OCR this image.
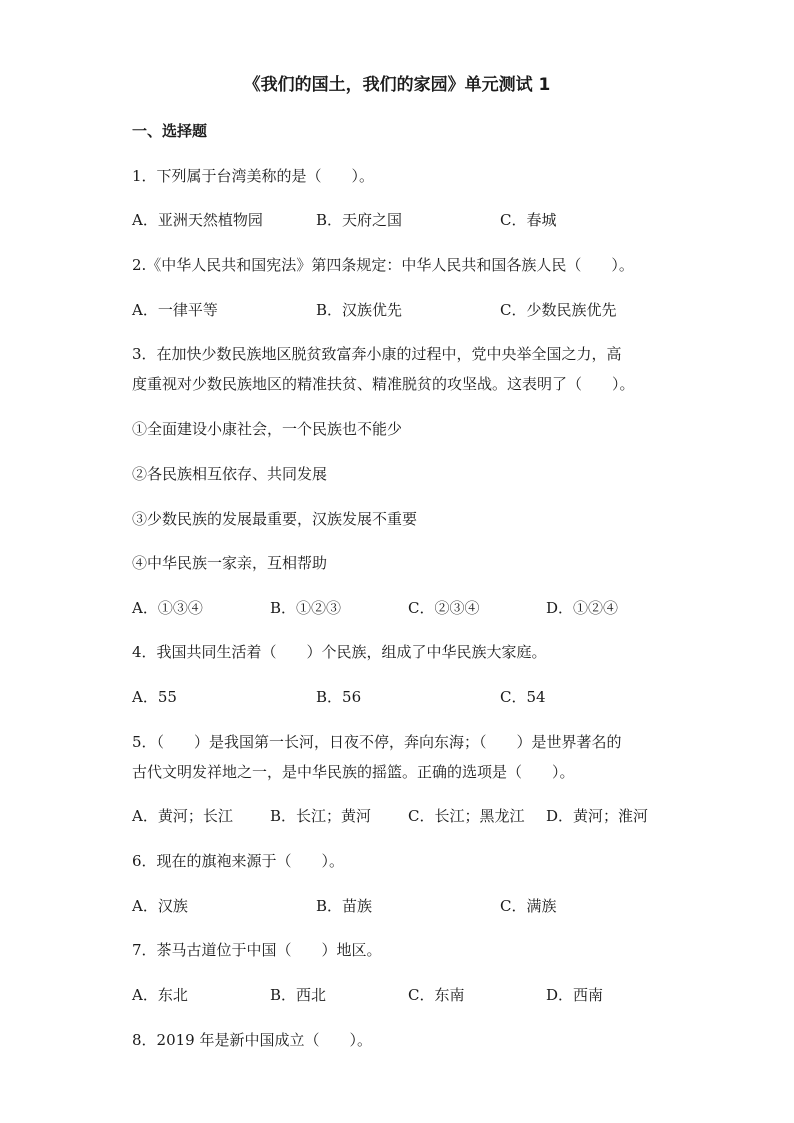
《我们的国土，我们的家园》单元测试 1
一、选择题
1．下列属于台湾美称的是（　　）。
A．亚洲天然植物园	B．天府之国	C．春城
2.《中华人民共和国宪法》第四条规定：中华人民共和国各族人民（　　）。
A．一律平等	B．汉族优先	C．少数民族优先
3．在加快少数民族地区脱贫致富奔小康的过程中，党中央举全国之力，高
度重视对少数民族地区的精准扶贫、精准脱贫的攻坚战。这表明了（　　）。
①全面建设小康社会，一个民族也不能少
②各民族相互依存、共同发展
③少数民族的发展最重要，汉族发展不重要
④中华民族一家亲，互相帮助
A．①③④	B．①②③	C．②③④	D．①②④
4．我国共同生活着（　　）个民族，组成了中华民族大家庭。
A．55	B．56	C．54
5．（　　）是我国第一长河，日夜不停，奔向东海；（　　）是世界著名的
古代文明发祥地之一，是中华民族的摇篮。正确的选项是（　　）。
A．黄河；长江 B．长江；黄河 C．长江；黑龙江 D．黄河；淮河
6．现在的旗袍来源于（　　）。
A．汉族	B．苗族	C．满族
7．茶马古道位于中国（　　）地区。
A．东北	B．西北	C．东南	D．西南
8．2019 年是新中国成立（　　）。
